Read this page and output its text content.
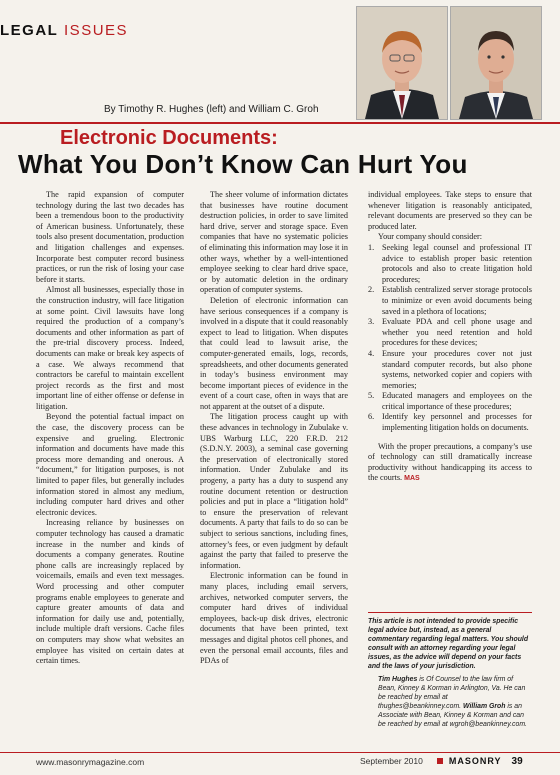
LEGAL ISSUES
By Timothy R. Hughes (left) and William C. Groh
Electronic Documents:
What You Don’t Know Can Hurt You

The rapid expansion of computer technology during the last two decades has been a tremendous boon to the productivity of American business. Unfortunately, these tools also present documentation, production and litigation challenges and expenses. Incorporate best computer record business practices, or run the risk of losing your case before it starts.

Almost all businesses, especially those in the construction industry, will face litigation at some point. Civil lawsuits have long required the production of a company’s documents and other information as part of the pre-trial discovery process. Indeed, documents can make or break key aspects of a case. We always recommend that contractors be careful to maintain excellent project records as the first and most important line of either offense or defense in litigation.

Beyond the potential factual impact on the case, the discovery process can be expensive and grueling. Electronic information and documents have made this process more demanding and onerous. A “document,” for litigation purposes, is not limited to paper files, but generally includes information stored in almost any medium, including computer hard drives and other electronic devices.

Increasing reliance by businesses on computer technology has caused a dramatic increase in the number and kinds of documents a company generates. Routine phone calls are increasingly replaced by voicemails, emails and even text messages. Word processing and other computer programs enable employees to generate and capture greater amounts of data and information for daily use and, potentially, include multiple draft versions. Cache files on computers may show what websites an employee has visited on certain dates at certain times.

The sheer volume of information dictates that businesses have routine document destruction policies, in order to save limited hard drive, server and storage space. Even companies that have no systematic policies of eliminating this information may lose it in other ways, whether by a well-intentioned employee seeking to clear hard drive space, or by automatic deletion in the ordinary operation of computer systems.

Deletion of electronic information can have serious consequences if a company is involved in a dispute that it could reasonably expect to lead to litigation. When disputes that could lead to lawsuit arise, the computer-generated emails, logs, records, spreadsheets, and other documents generated in today’s business environment may become important pieces of evidence in the event of a court case, often in ways that are not apparent at the outset of a dispute.

The litigation process caught up with these advances in technology in Zubulake v. UBS Warburg LLC, 220 F.R.D. 212 (S.D.N.Y. 2003), a seminal case governing the preservation of electronically stored information. Under Zubulake and its progeny, a party has a duty to suspend any routine document retention or destruction policies and put in place a “litigation hold” to ensure the preservation of relevant documents. A party that fails to do so can be subject to serious sanctions, including fines, attorney’s fees, or even judgment by default against the party that failed to preserve the information.

Electronic information can be found in many places, including email servers, archives, networked computer servers, the computer hard drives of individual employees, back-up disk drives, electronic documents that have been printed, text messages and digital photos cell phones, and even the personal email accounts, files and PDAs of

individual employees. Take steps to ensure that whenever litigation is reasonably anticipated, relevant documents are preserved so they can be produced later.

Your company should consider:

1. Seeking legal counsel and professional IT advice to establish proper basic retention protocols and also to create litigation hold procedures;
2. Establish centralized server storage protocols to minimize or even avoid documents being saved in a plethora of locations;
3. Evaluate PDA and cell phone usage and whether you need retention and hold procedures for these devices;
4. Ensure your procedures cover not just standard computer records, but also phone systems, networked copier and copiers with memories;
5. Educated managers and employees on the critical importance of these procedures;
6. Identify key personnel and processes for implementing litigation holds on documents.

With the proper precautions, a company’s use of technology can still dramatically increase productivity without handicapping its access to the courts. MAS

This article is not intended to provide specific legal advice but, instead, as a general commentary regarding legal matters. You should consult with an attorney regarding your legal issues, as the advice will depend on your facts and the laws of your jurisdiction.
Tim Hughes is Of Counsel to the law firm of Bean, Kinney & Korman in Arlington, Va. He can be reached by email at thughes@beankinney.com. William Groh is an Associate with Bean, Kinney & Korman and can be reached by email at wgroh@beankinney.com.
www.masonrymagazine.com	September 2010	MASONRY 39
